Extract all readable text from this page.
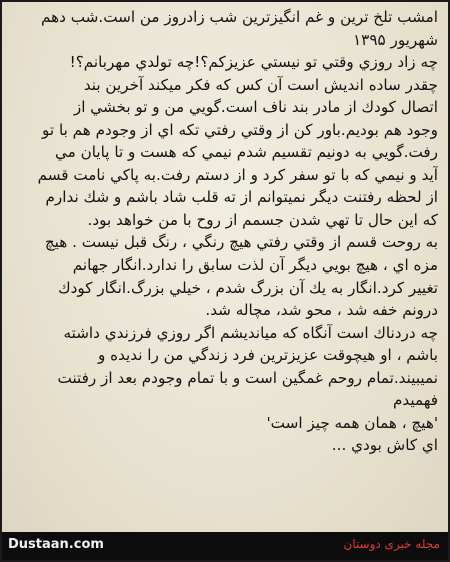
امشب تلخ ترين و غم انگيزترين شب زادروز من است.شب دهم
شهريور ۱۳۹۵
چه زاد روزي وقتي تو نيستي عزيزكم؟!چه تولدي مهربانم؟!
چقدر ساده انديش است آن كس كه فكر ميكند آخرين بند
اتصال كودك از مادر بند ناف است.گويي من و تو بخشي از
وجود هم بوديم.باور كن از وقتي رفتي تكه اي از وجودم هم با تو
رفت.گويي به دونيم تقسيم شدم نيمي كه هست و تا پايان مي
آيد و نيمي كه با تو سفر كرد و از دستم رفت.به پاكي نامت قسم
از لحظه رفتنت ديگر نميتوانم از ته قلب شاد باشم و شك ندارم
كه اين حال تا تهي شدن جسمم از روح با من خواهد بود.
به روحت قسم از وقتي رفتي هيچ رنگي ، رنگ قبل نيست . هيچ
مزه اي ، هيچ بويي ديگر آن لذت سابق را ندارد.انگار جهانم
تغيير كرد.انگار به يك آن بزرگ شدم ، خيلي بزرگ.انگار كودك
درونم خفه شد ، محو شد، مچاله شد.
چه دردناك است آنگاه كه ميانديشم اگر روزي فرزندي داشته
باشم ، او هيچوقت عزيزترين فرد زندگي من را نديده و
نميبيند.تمام روحم غمگين است و با تمام وجودم بعد از رفتنت
فهميدم
'هيچ ، همان همه چيز است'
اي كاش بودي ...
Dustaan.com	مجله خبری دوستان
